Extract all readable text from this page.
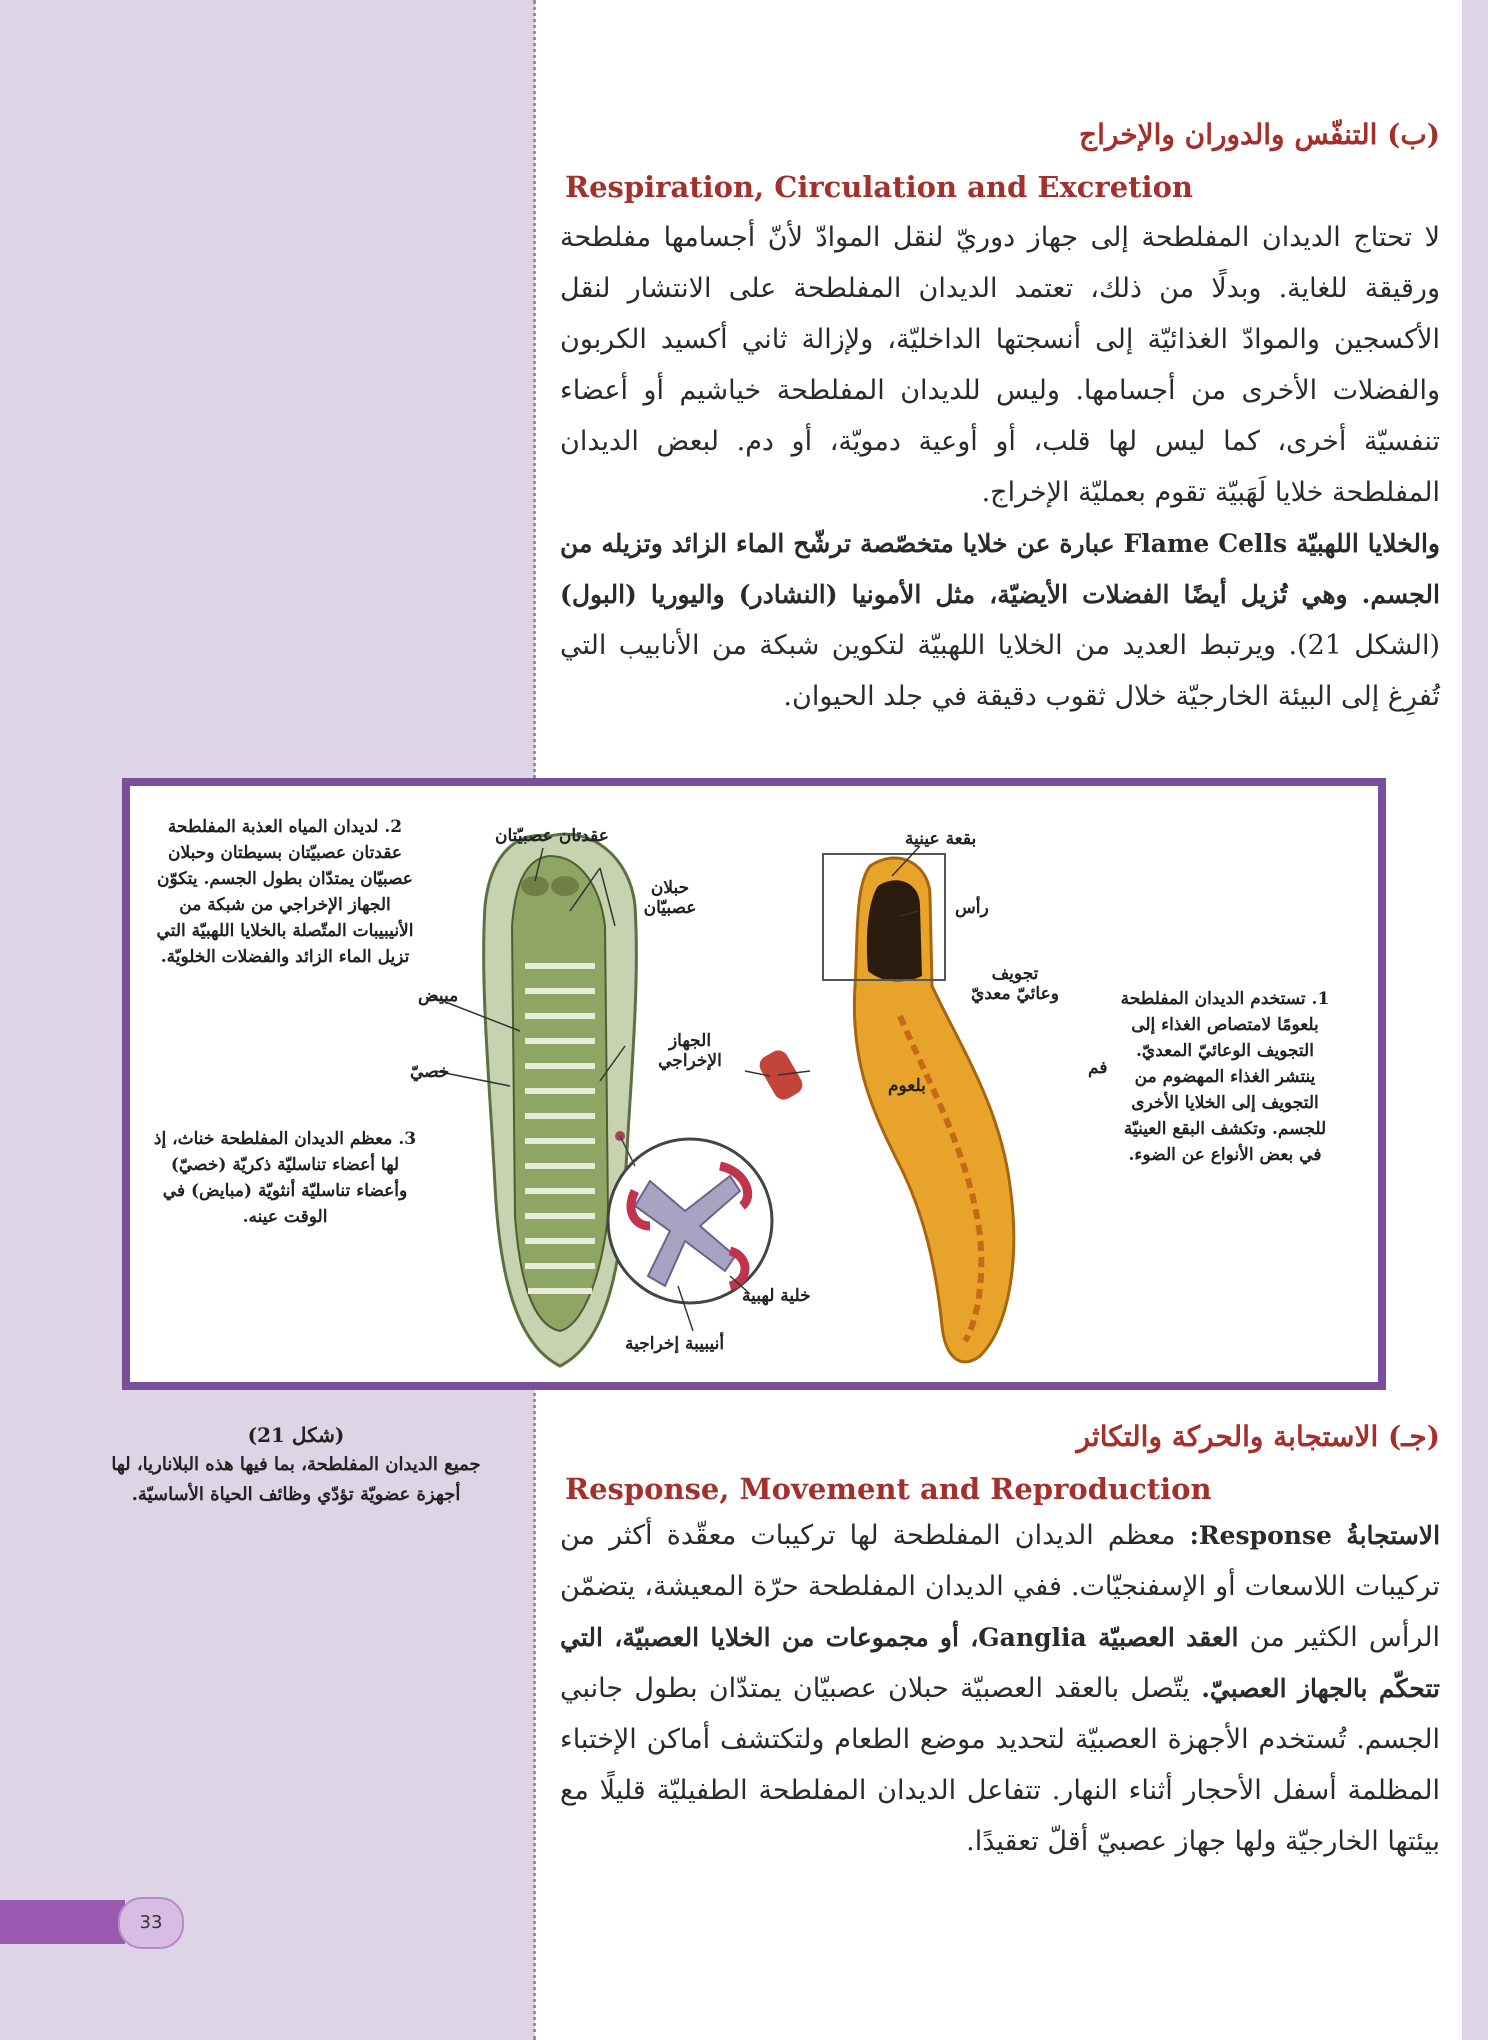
(ب) التنفّس والدوران والإخراج
Respiration, Circulation and Excretion
لا تحتاج الديدان المفلطحة إلى جهاز دوريّ لنقل الموادّ لأنّ أجسامها مفلطحة ورقيقة للغاية. وبدلًا من ذلك، تعتمد الديدان المفلطحة على الانتشار لنقل الأكسجين والموادّ الغذائيّة إلى أنسجتها الداخليّة، ولإزالة ثاني أكسيد الكربون والفضلات الأخرى من أجسامها. وليس للديدان المفلطحة خياشيم أو أعضاء تنفسيّة أخرى، كما ليس لها قلب، أو أوعية دمويّة، أو دم. لبعض الديدان المفلطحة خلايا لَهَبيّة تقوم بعمليّة الإخراج.
والخلايا اللهبيّة Flame Cells عبارة عن خلايا متخصّصة ترشّح الماء الزائد وتزيله من الجسم. وهي تُزيل أيضًا الفضلات الأيضيّة، مثل الأمونيا (النشادر) واليوريا (البول) (الشكل 21). ويرتبط العديد من الخلايا اللهبيّة لتكوين شبكة من الأنابيب التي تُفرِغ إلى البيئة الخارجيّة خلال ثقوب دقيقة في جلد الحيوان.
2. لديدان المياه العذبة المفلطحة عقدتان عصبيّتان بسيطتان وحبلان عصبيّان يمتدّان بطول الجسم. يتكوّن الجهاز الإخراجي من شبكة من الأنيبيبات المتّصلة بالخلايا اللهبيّة التي تزيل الماء الزائد والفضلات الخلويّة.
3. معظم الديدان المفلطحة خناث، إذ لها أعضاء تناسليّة ذكريّة (خصيّ) وأعضاء تناسليّة أنثويّة (مبايض) في الوقت عينه.
1. تستخدم الديدان المفلطحة بلعومًا لامتصاص الغذاء إلى التجويف الوعائيّ المعديّ. ينتشر الغذاء المهضوم من التجويف إلى الخلايا الأخرى للجسم. وتكشف البقع العينيّة في بعض الأنواع عن الضوء.
عقدتان عصبيّتان
حبلان عصبيّان
مبيض
خصيّ
الجهاز الإخراجي
خلية لهبية
أنيبيبة إخراجية
بقعة عينية
رأس
تجويف وعائيّ معديّ
فم
بلعوم
(شكل 21)
جميع الديدان المفلطحة، بما فيها هذه البلاناريا، لها أجهزة عضويّة تؤدّي وظائف الحياة الأساسيّة.
(جـ) الاستجابة والحركة والتكاثر
Response, Movement and Reproduction
الاستجابةُ Response: معظم الديدان المفلطحة لها تركيبات معقّدة أكثر من تركيبات اللاسعات أو الإسفنجيّات. ففي الديدان المفلطحة حرّة المعيشة، يتضمّن الرأس الكثير من العقد العصبيّة Ganglia، أو مجموعات من الخلايا العصبيّة، التي تتحكّم بالجهاز العصبيّ. يتّصل بالعقد العصبيّة حبلان عصبيّان يمتدّان بطول جانبي الجسم. تُستخدم الأجهزة العصبيّة لتحديد موضع الطعام ولتكتشف أماكن الإختباء المظلمة أسفل الأحجار أثناء النهار. تتفاعل الديدان المفلطحة الطفيليّة قليلًا مع بيئتها الخارجيّة ولها جهاز عصبيّ أقلّ تعقيدًا.
33
